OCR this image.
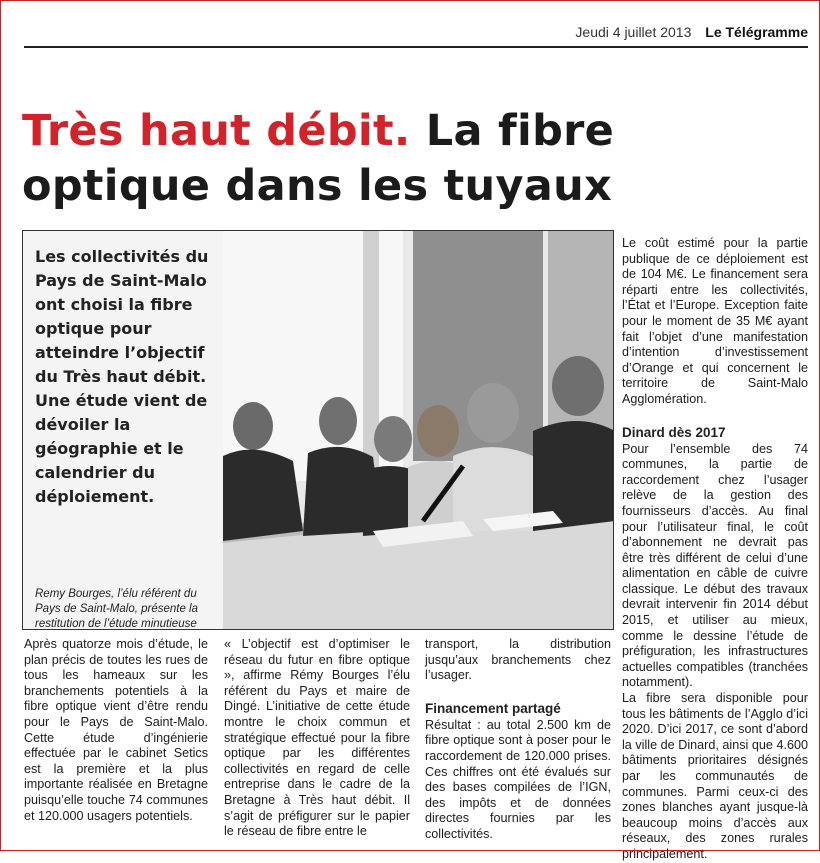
Jeudi 4 juillet 2013 Le Télégramme
Très haut débit. La fibre optique dans les tuyaux

Les collectivités du Pays de Saint-Malo ont choisi la fibre optique pour atteindre l’objectif du Très haut débit. Une étude vient de dévoiler la géographie et le calendrier du déploiement.

Remy Bourges, l’élu référent du Pays de Saint-Malo, présente la restitution de l’étude minutieuse

Le coût estimé pour la partie publique de ce déploiement est de 104 M€. Le financement sera réparti entre les collectivités, l’État et l’Europe. Exception faite pour le moment de 35 M€ ayant fait l’objet d’une manifestation d’intention d’investissement d’Orange et qui concernent le territoire de Saint-Malo Agglomération.

Dinard dès 2017

Pour l’ensemble des 74 communes, la partie de raccordement chez l’usager relève de la gestion des fournisseurs d’accès. Au final pour l’utilisateur final, le coût d’abonnement ne devrait pas être très différent de celui d’une alimentation en câble de cuivre classique. Le début des travaux devrait intervenir fin 2014 début 2015, et utiliser au mieux, comme le dessine l’étude de préfiguration, les infrastructures actuelles compatibles (tranchées notamment).

La fibre sera disponible pour tous les bâtiments de l’Agglo d’ici 2020. D’ici 2017, ce sont d’abord la ville de Dinard, ainsi que 4.600 bâtiments prioritaires désignés par les communautés de communes. Parmi ceux-ci des zones blanches ayant jusque-là beaucoup moins d’accès aux réseaux, des zones rurales principalement.

Après quatorze mois d’étude, le plan précis de toutes les rues de tous les hameaux sur les branchements potentiels à la fibre optique vient d’être rendu pour le Pays de Saint-Malo. Cette étude d’ingénierie effectuée par le cabinet Setics est la première et la plus importante réalisée en Bretagne puisqu’elle touche 74 communes et 120.000 usagers potentiels.

« L’objectif est d’optimiser le réseau du futur en fibre optique », affirme Rémy Bourges l’élu référent du Pays et maire de Dingé. L’initiative de cette étude montre le choix commun et stratégique effectué pour la fibre optique par les différentes collectivités en regard de celle entreprise dans le cadre de la Bretagne à Très haut débit. Il s’agit de préfigurer sur le papier le réseau de fibre entre le

transport, la distribution jusqu’aux branchements chez l’usager.

Financement partagé

Résultat : au total 2.500 km de fibre optique sont à poser pour le raccordement de 120.000 prises. Ces chiffres ont été évalués sur des bases compilées de l’IGN, des impôts et de données directes fournies par les collectivités.
